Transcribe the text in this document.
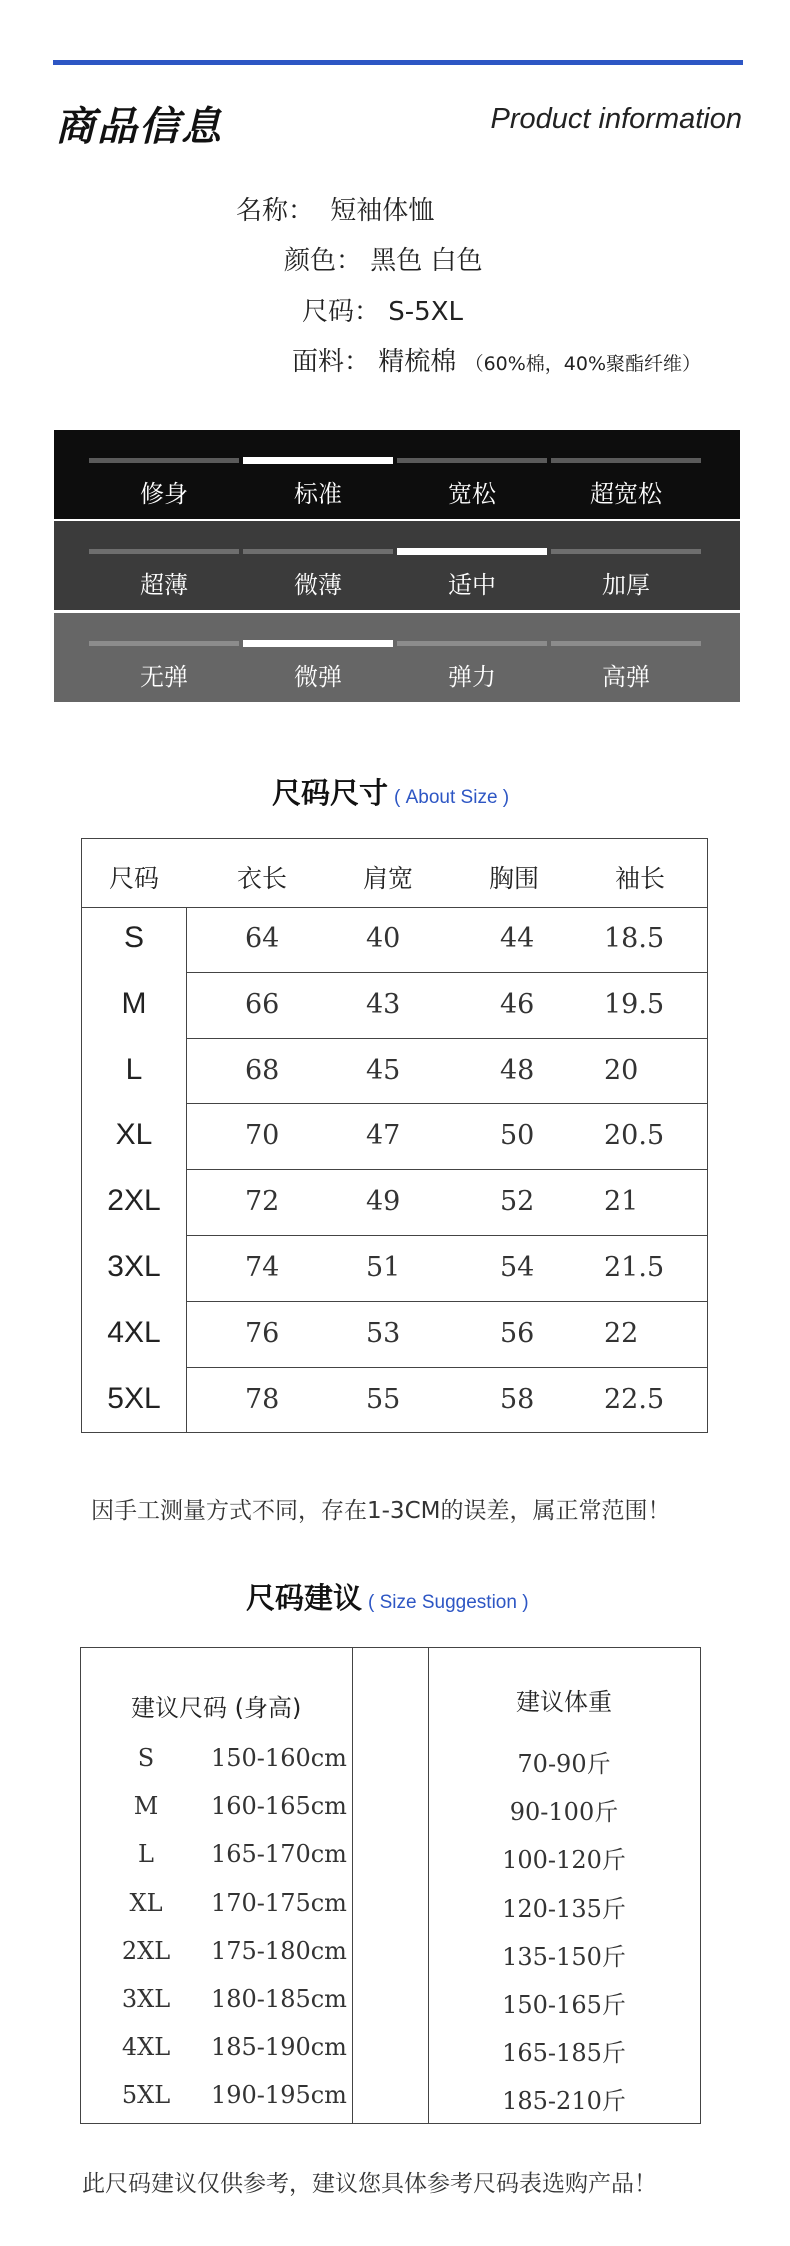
商品信息	Product information
名称： 短袖体恤
颜色： 黑色 白色
尺码： S-5XL
面料： 精梳棉 （60%棉，40%聚酯纤维）
修身	标准	宽松	超宽松
超薄	微薄	适中	加厚
无弹	微弹	弹力	高弹
尺码尺寸 ( About Size )
尺码	衣长	肩宽	胸围	袖长
S	64	40	44	18.5
M	66	43	46	19.5
L	68	45	48	20
XL	70	47	50	20.5
2XL	72	49	52	21
3XL	74	51	54	21.5
4XL	76	53	56	22
5XL	78	55	58	22.5
因手工测量方式不同，存在1-3CM的误差，属正常范围！
尺码建议 ( Size Suggestion )
建议尺码 (身高)	建议体重
S	150-160cm	70-90斤
M	160-165cm	90-100斤
L	165-170cm	100-120斤
XL	170-175cm	120-135斤
2XL	175-180cm	135-150斤
3XL	180-185cm	150-165斤
4XL	185-190cm	165-185斤
5XL	190-195cm	185-210斤
此尺码建议仅供参考，建议您具体参考尺码表选购产品！
